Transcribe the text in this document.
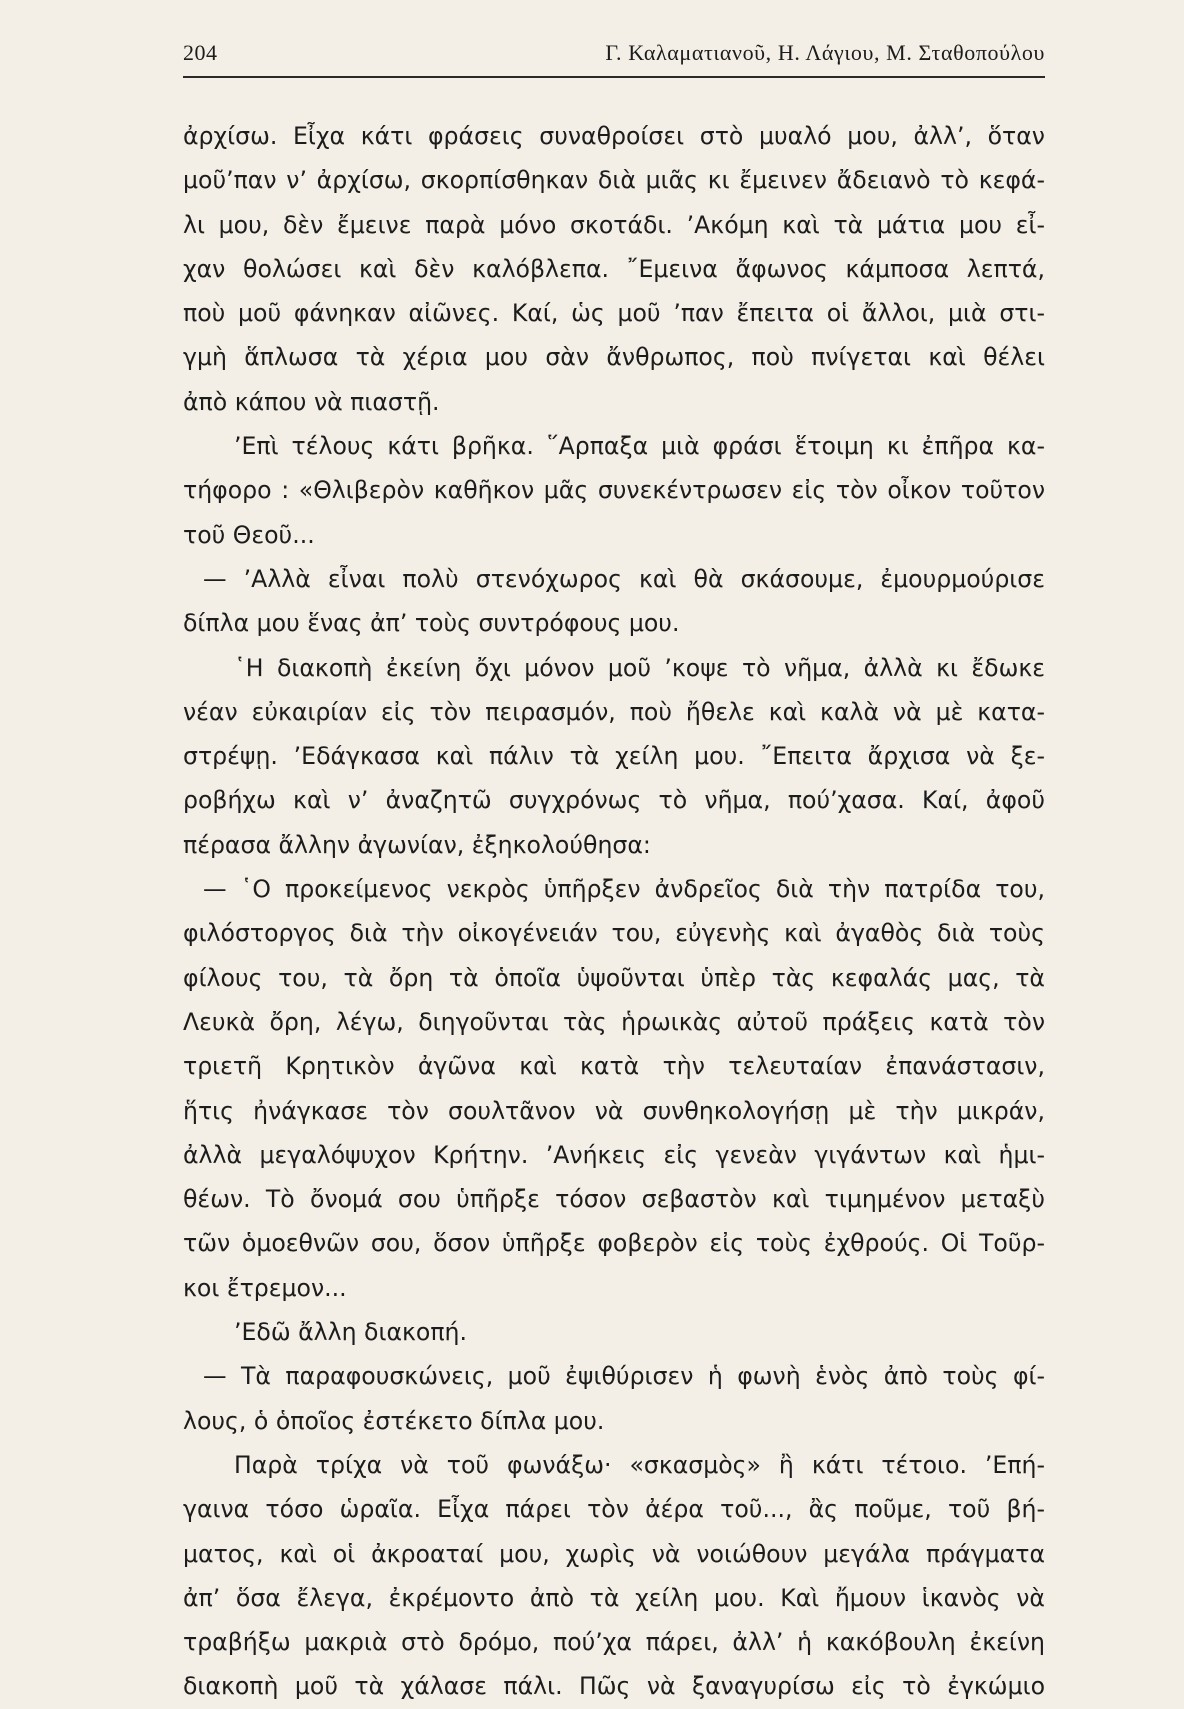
204	Γ. Καλαματιανοῦ, Η. Λάγιου, Μ. Σταθοπούλου
ἀρχίσω. Εἶχα κάτι φράσεις συναθροίσει στὸ μυαλό μου, ἀλλ’, ὅταν
μοῦ’παν ν’ ἀρχίσω, σκορπίσθηκαν διὰ μιᾶς κι ἔμεινεν ἄδειανὸ τὸ κεφά-
λι μου, δὲν ἔμεινε παρὰ μόνο σκοτάδι. ’Ακόμη καὶ τὰ μάτια μου εἶ-
χαν θολώσει καὶ δὲν καλόβλεπα. ῎Εμεινα ἄφωνος κάμποσα λεπτά,
ποὺ μοῦ φάνηκαν αἰῶνες. Καί, ὡς μοῦ ’παν ἔπειτα οἱ ἄλλοι, μιὰ στι-
γμὴ ἅπλωσα τὰ χέρια μου σὰν ἄνθρωπος, ποὺ πνίγεται καὶ θέλει
ἀπὸ κάπου νὰ πιαστῇ.
’Επὶ τέλους κάτι βρῆκα. ῞Αρπαξα μιὰ φράσι ἕτοιμη κι ἐπῆρα κα-
τήφορο : «Θλιβερὸν καθῆκον μᾶς συνεκέντρωσεν εἰς τὸν οἶκον τοῦτον
τοῦ Θεοῦ...
— ’Αλλὰ εἶναι πολὺ στενόχωρος καὶ θὰ σκάσουμε, ἐμουρμούρισε
δίπλα μου ἕνας ἀπ’ τοὺς συντρόφους μου.
῾Η διακοπὴ ἐκείνη ὄχι μόνον μοῦ ’κοψε τὸ νῆμα, ἀλλὰ κι ἔδωκε
νέαν εὐκαιρίαν εἰς τὸν πειρασμόν, ποὺ ἤθελε καὶ καλὰ νὰ μὲ κατα-
στρέψῃ. ’Εδάγκασα καὶ πάλιν τὰ χείλη μου. ῎Επειτα ἄρχισα νὰ ξε-
ροβήχω καὶ ν’ ἀναζητῶ συγχρόνως τὸ νῆμα, πού’χασα. Καί, ἀφοῦ
πέρασα ἄλλην ἀγωνίαν, ἐξηκολούθησα:
— ῾Ο προκείμενος νεκρὸς ὑπῆρξεν ἀνδρεῖος διὰ τὴν πατρίδα του,
φιλόστοργος διὰ τὴν οἰκογένειάν του, εὐγενὴς καὶ ἀγαθὸς διὰ τοὺς
φίλους του, τὰ ὄρη τὰ ὁποῖα ὑψοῦνται ὑπὲρ τὰς κεφαλάς μας, τὰ
Λευκὰ ὄρη, λέγω, διηγοῦνται τὰς ἡρωικὰς αὐτοῦ πράξεις κατὰ τὸν
τριετῆ Κρητικὸν ἀγῶνα καὶ κατὰ τὴν τελευταίαν ἐπανάστασιν,
ἥτις ἠνάγκασε τὸν σουλτᾶνον νὰ συνθηκολογήσῃ μὲ τὴν μικράν,
ἀλλὰ μεγαλόψυχον Κρήτην. ’Ανήκεις εἰς γενεὰν γιγάντων καὶ ἡμι-
θέων. Τὸ ὄνομά σου ὑπῆρξε τόσον σεβαστὸν καὶ τιμημένον μεταξὺ
τῶν ὁμοεθνῶν σου, ὅσον ὑπῆρξε φοβερὸν εἰς τοὺς ἐχθρούς. Οἱ Τοῦρ-
κοι ἔτρεμον...
’Εδῶ ἄλλη διακοπή.
— Τὰ παραφουσκώνεις, μοῦ ἐψιθύρισεν ἡ φωνὴ ἑνὸς ἀπὸ τοὺς φί-
λους, ὁ ὁποῖος ἐστέκετο δίπλα μου.
Παρὰ τρίχα νὰ τοῦ φωνάξω· «σκασμὸς» ἢ κάτι τέτοιο. ’Επή-
γαινα τόσο ὡραῖα. Εἶχα πάρει τὸν ἀέρα τοῦ..., ἂς ποῦμε, τοῦ βή-
ματος, καὶ οἱ ἀκροαταί μου, χωρὶς νὰ νοιώθουν μεγάλα πράγματα
ἀπ’ ὅσα ἔλεγα, ἐκρέμοντο ἀπὸ τὰ χείλη μου. Καὶ ἤμουν ἱκανὸς νὰ
τραβήξω μακριὰ στὸ δρόμο, πού’χα πάρει, ἀλλ’ ἡ κακόβουλη ἐκείνη
διακοπὴ μοῦ τὰ χάλασε πάλι. Πῶς νὰ ξαναγυρίσω εἰς τὸ ἐγκώμιο
